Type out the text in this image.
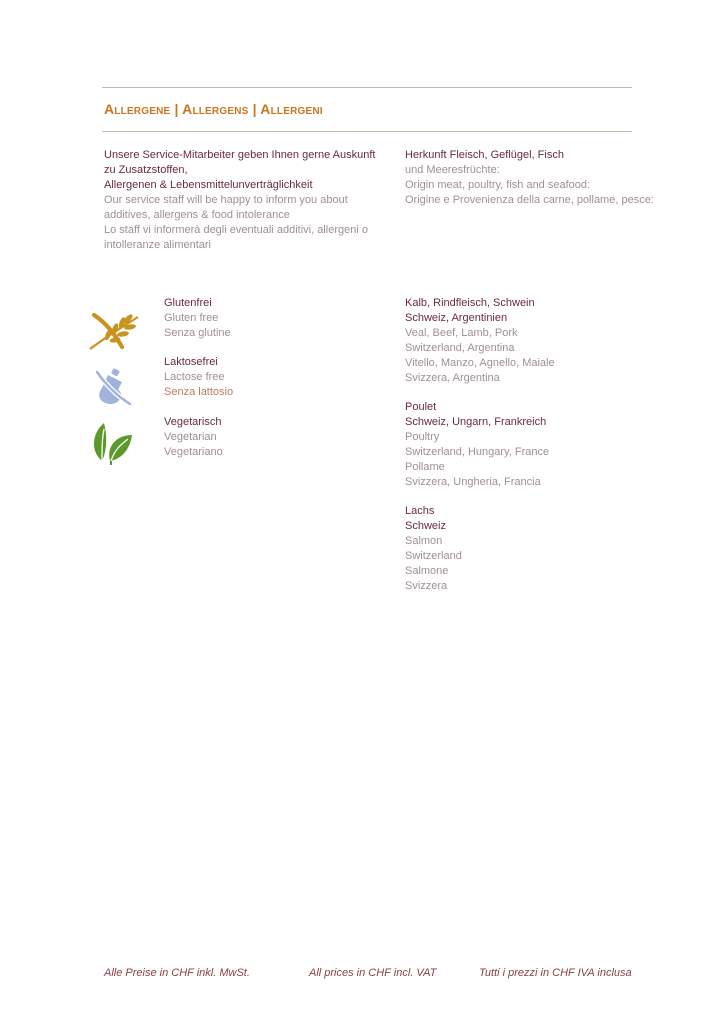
Allergene | Allergens | Allergeni
Unsere Service-Mitarbeiter geben Ihnen gerne Auskunft
zu Zusatzstoffen,
Allergenen & Lebensmittelunverträglichkeit
Our service staff will be happy to inform you about
additives, allergens & food intolerance
Lo staff vi informerà degli eventuali additivi, allergeni o
intolleranze alimentari
Herkunft Fleisch, Geflügel, Fisch
und Meeresfrüchte:
Origin meat, poultry, fish and seafood:
Origine e Provenienza della carne, pollame, pesce:
Glutenfrei
Gluten free
Senza glutine
Laktosefrei
Lactose free
Senza lattosio
Vegetarisch
Vegetarian
Vegetariano
Kalb, Rindfleisch, Schwein
Schweiz, Argentinien
Veal, Beef, Lamb, Pork
Switzerland, Argentina
Vitello, Manzo, Agnello, Maiale
Svizzera, Argentina
Poulet
Schweiz, Ungarn, Frankreich
Poultry
Switzerland, Hungary, France
Pollame
Svizzera, Ungheria, Francia
Lachs
Schweiz
Salmon
Switzerland
Salmone
Svizzera
Alle Preise in CHF inkl. MwSt.	All prices in CHF incl. VAT	Tutti i prezzi in CHF IVA inclusa
